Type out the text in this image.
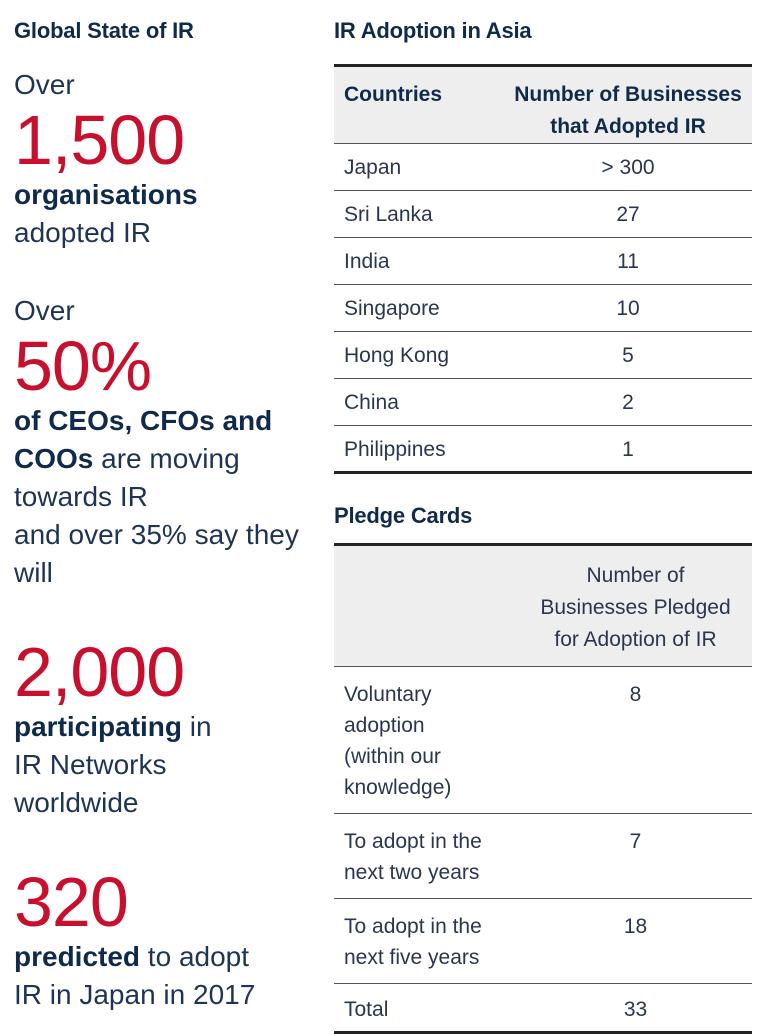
Global State of IR
Over
1,500
organisations
adopted IR
Over
50%
of CEOs, CFOs and
COOs are moving
towards IR
and over 35% say they
will
2,000
participating in
IR Networks
worldwide
320
predicted to adopt
IR in Japan in 2017
IR Adoption in Asia
Countries	Number of Businesses
that Adopted IR

Japan	> 300
Sri Lanka	27
India	11
Singapore	10
Hong Kong	5
China	2
Philippines	1
Pledge Cards

	Number of
Businesses Pledged
for Adoption of IR

Voluntary
adoption
(within our
knowledge)	8

To adopt in the
next two years	7

To adopt in the
next five years	18

Total	33
